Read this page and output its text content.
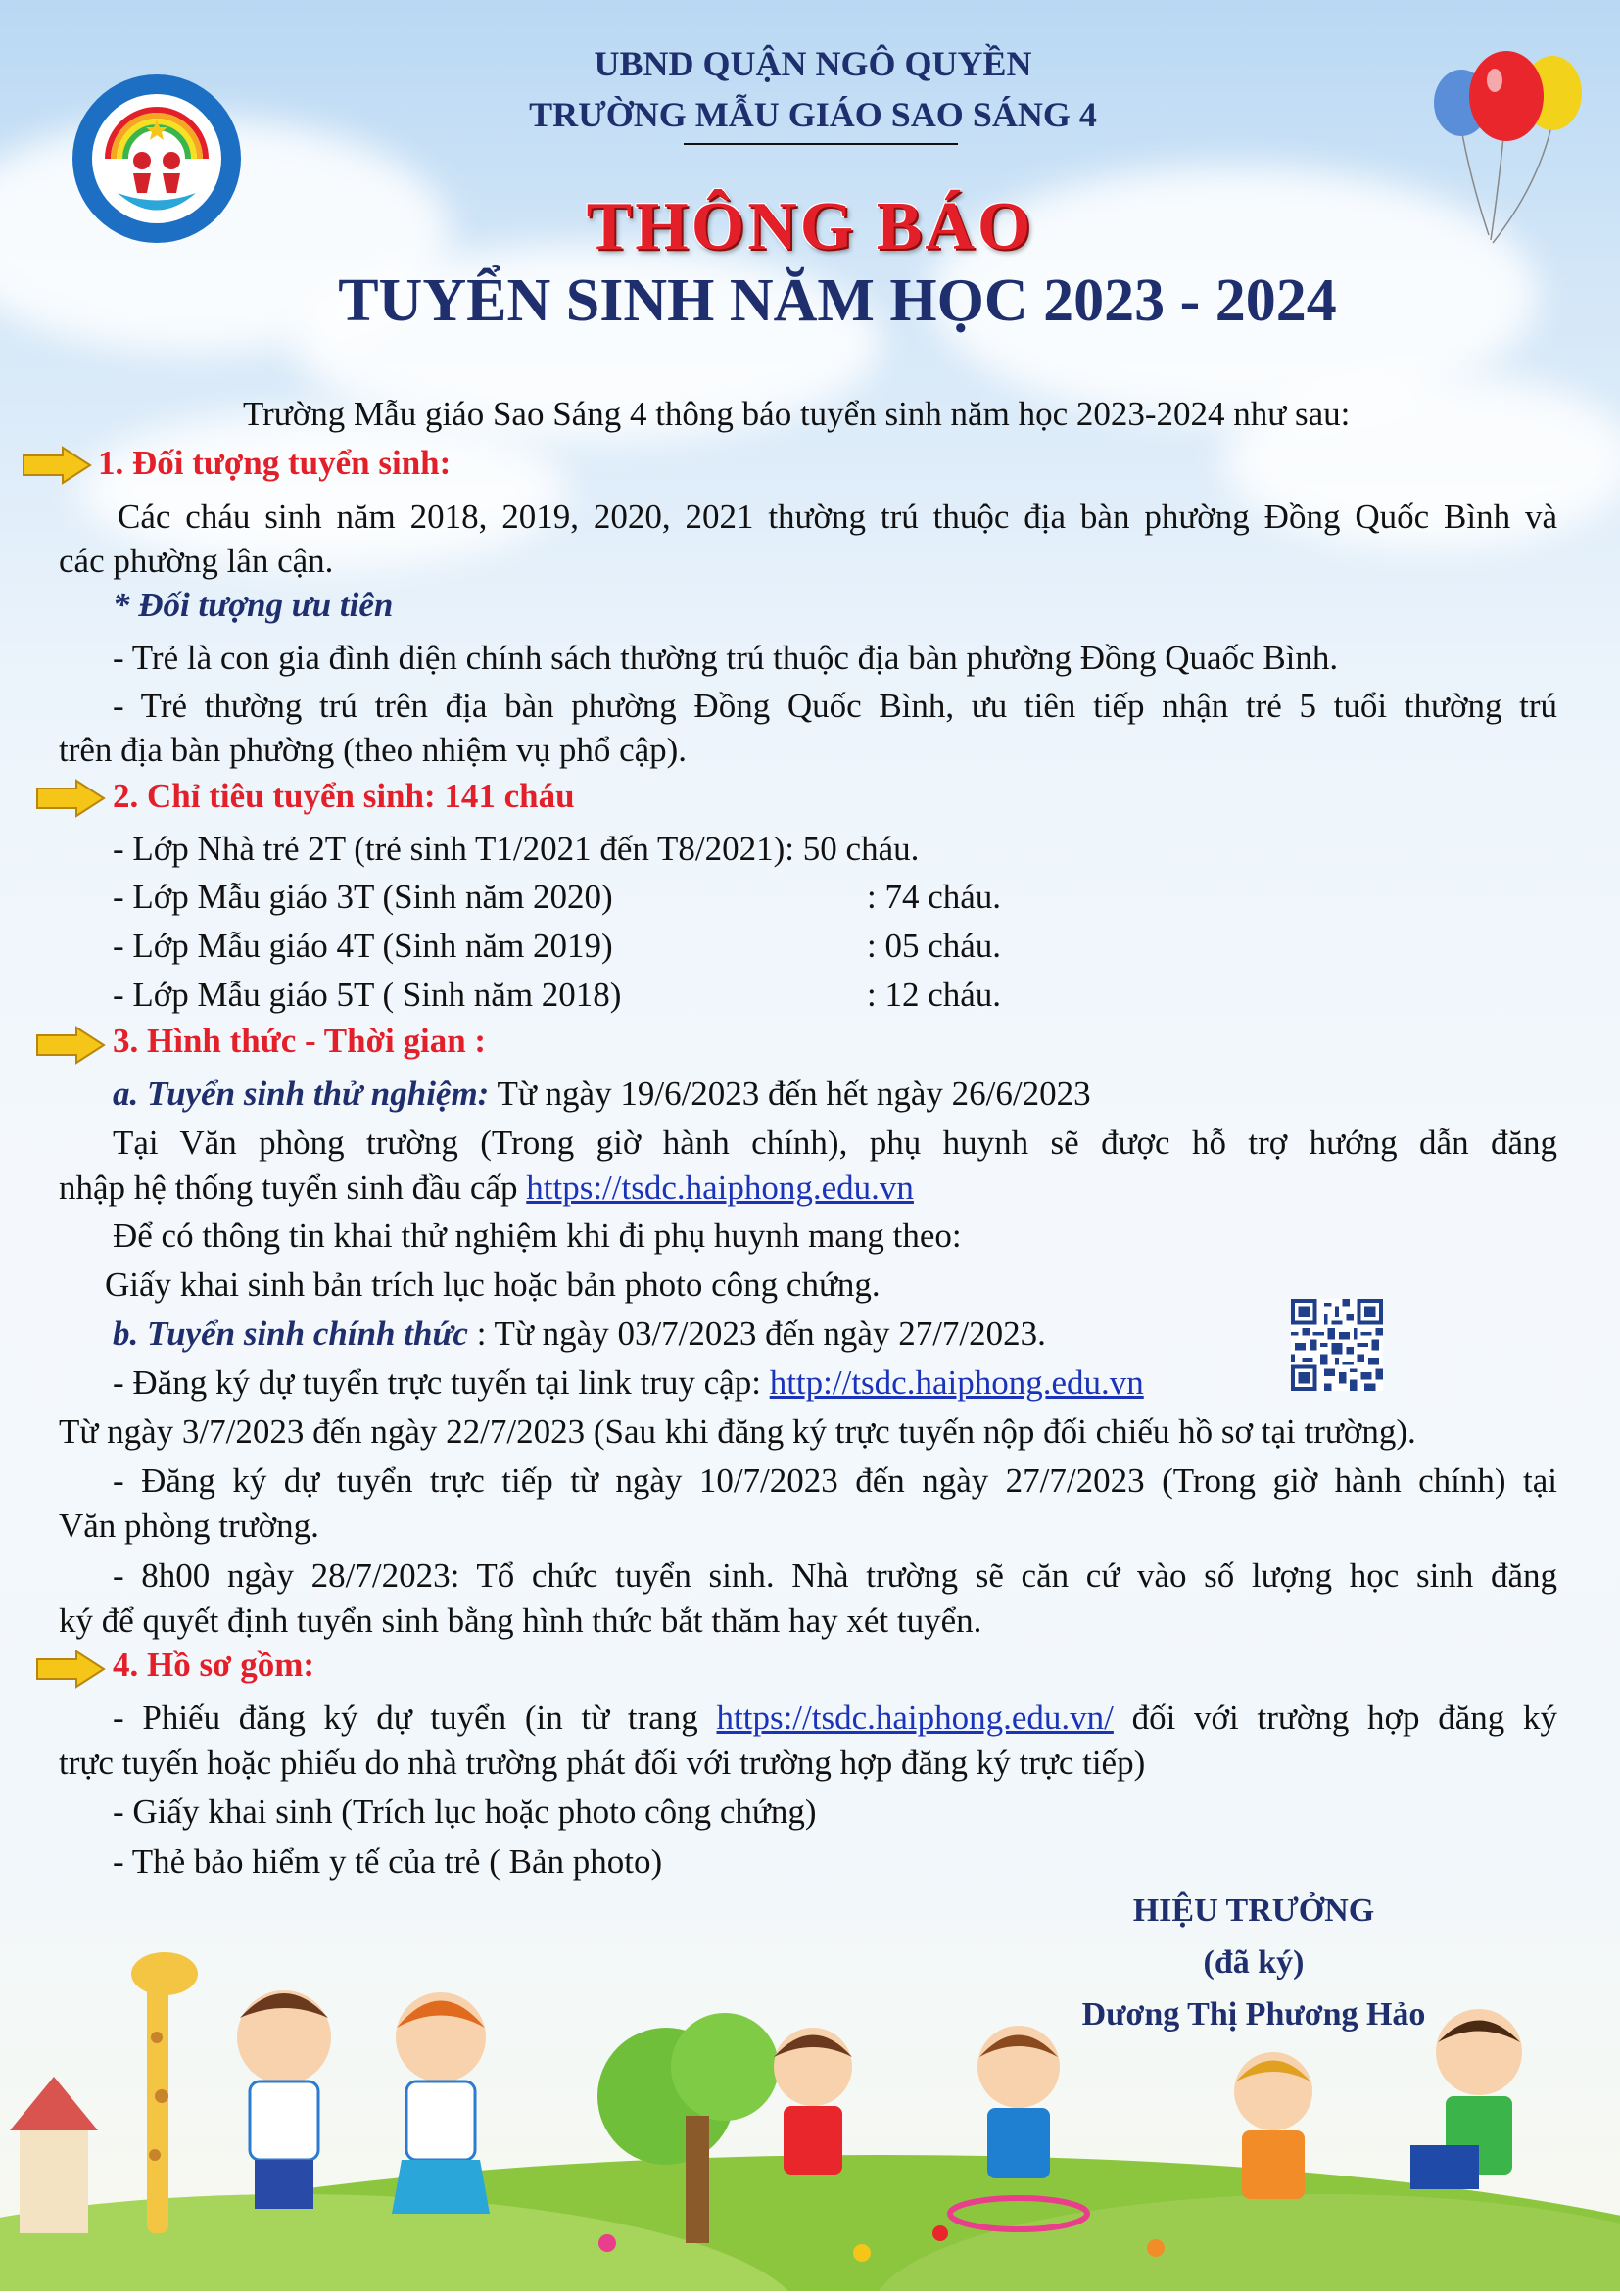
UBND QUẬN NGÔ QUYỀN
TRƯỜNG MẪU GIÁO SAO SÁNG 4
THÔNG BÁO
TUYỂN SINH NĂM HỌC 2023 - 2024
Trường Mẫu giáo Sao Sáng 4 thông báo tuyển sinh năm học 2023-2024 như sau:
1. Đối tượng tuyển sinh:
Các cháu sinh năm 2018, 2019, 2020, 2021 thường trú thuộc địa bàn phường Đồng Quốc Bình và
các phường lân cận.
* Đối tượng ưu tiên
- Trẻ là con gia đình diện chính sách thường trú thuộc địa bàn phường Đồng Quaốc Bình.
- Trẻ thường trú trên địa bàn phường Đồng Quốc Bình, ưu tiên tiếp nhận trẻ 5 tuổi thường trú
trên địa bàn phường (theo nhiệm vụ phổ cập).
2. Chỉ tiêu tuyển sinh: 141 cháu
- Lớp Nhà trẻ 2T (trẻ sinh T1/2021 đến T8/2021): 50 cháu.
- Lớp Mẫu giáo 3T (Sinh năm 2020)	: 74 cháu.
- Lớp Mẫu giáo 4T (Sinh năm 2019)	: 05 cháu.
- Lớp Mẫu giáo 5T ( Sinh năm 2018)	: 12 cháu.
3. Hình thức - Thời gian :
a. Tuyển sinh thử nghiệm: Từ ngày 19/6/2023 đến hết ngày 26/6/2023
Tại Văn phòng trường (Trong giờ hành chính), phụ huynh sẽ được hỗ trợ hướng dẫn đăng
nhập hệ thống tuyển sinh đầu cấp https://tsdc.haiphong.edu.vn
Để có thông tin khai thử nghiệm khi đi phụ huynh mang theo:
Giấy khai sinh bản trích lục hoặc bản photo công chứng.
b. Tuyển sinh chính thức : Từ ngày 03/7/2023 đến ngày 27/7/2023.
- Đăng ký dự tuyển trực tuyến tại link truy cập: http://tsdc.haiphong.edu.vn
Từ ngày 3/7/2023 đến ngày 22/7/2023 (Sau khi đăng ký trực tuyến nộp đối chiếu hồ sơ tại trường).
- Đăng ký dự tuyển trực tiếp từ ngày 10/7/2023 đến ngày 27/7/2023 (Trong giờ hành chính) tại
Văn phòng trường.
- 8h00 ngày 28/7/2023: Tổ chức tuyển sinh. Nhà trường sẽ căn cứ vào số lượng học sinh đăng
ký để quyết định tuyển sinh bằng hình thức bắt thăm hay xét tuyển.
4. Hồ sơ gồm:
- Phiếu đăng ký dự tuyển (in từ trang https://tsdc.haiphong.edu.vn/ đối với trường hợp đăng ký
trực tuyến hoặc phiếu do nhà trường phát đối với trường hợp đăng ký trực tiếp)
- Giấy khai sinh (Trích lục hoặc photo công chứng)
- Thẻ bảo hiểm y tế của trẻ ( Bản photo)
HIỆU TRƯỞNG
(đã ký)
Dương Thị Phương Hảo
